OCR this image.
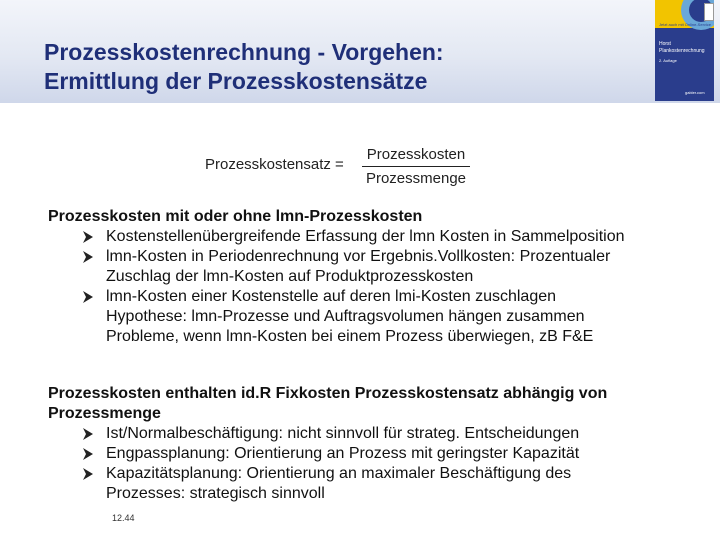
Prozesskostenrechnung - Vorgehen:
Ermittlung der Prozesskostensätze
Jetzt auch mit Online-Service
Horst
Plankostenrechnung
2. Auflage
gabler.com
Prozesskostensatz =
Prozesskosten
Prozessmenge
Prozesskosten mit oder ohne lmn-Prozesskosten
Kostenstellenübergreifende Erfassung der lmn Kosten in Sammelposition
lmn-Kosten in Periodenrechnung vor Ergebnis.Vollkosten: Prozentualer
Zuschlag der lmn-Kosten auf Produktprozesskosten
lmn-Kosten einer Kostenstelle auf deren lmi-Kosten zuschlagen
Hypothese: lmn-Prozesse und Auftragsvolumen hängen zusammen
Probleme, wenn lmn-Kosten bei einem Prozess überwiegen, zB F&E
Prozesskosten enthalten id.R Fixkosten Prozesskostensatz abhängig von
Prozessmenge
Ist/Normalbeschäftigung: nicht sinnvoll für strateg. Entscheidungen
Engpassplanung: Orientierung an Prozess mit geringster Kapazität
Kapazitätsplanung: Orientierung an maximaler Beschäftigung des
Prozesses: strategisch sinnvoll
12.44
